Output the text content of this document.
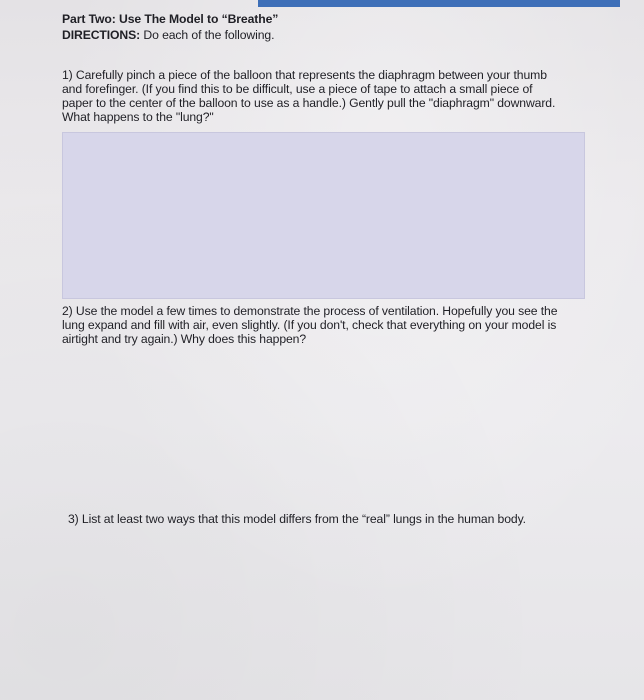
Part Two: Use The Model to “Breathe”
DIRECTIONS: Do each of the following.
1) Carefully pinch a piece of the balloon that represents the diaphragm between your thumb
and forefinger. (If you find this to be difficult, use a piece of tape to attach a small piece of
paper to the center of the balloon to use as a handle.) Gently pull the "diaphragm" downward.
What happens to the "lung?"
2) Use the model a few times to demonstrate the process of ventilation. Hopefully you see the
lung expand and fill with air, even slightly. (If you don't, check that everything on your model is
airtight and try again.) Why does this happen?
3) List at least two ways that this model differs from the “real” lungs in the human body.
